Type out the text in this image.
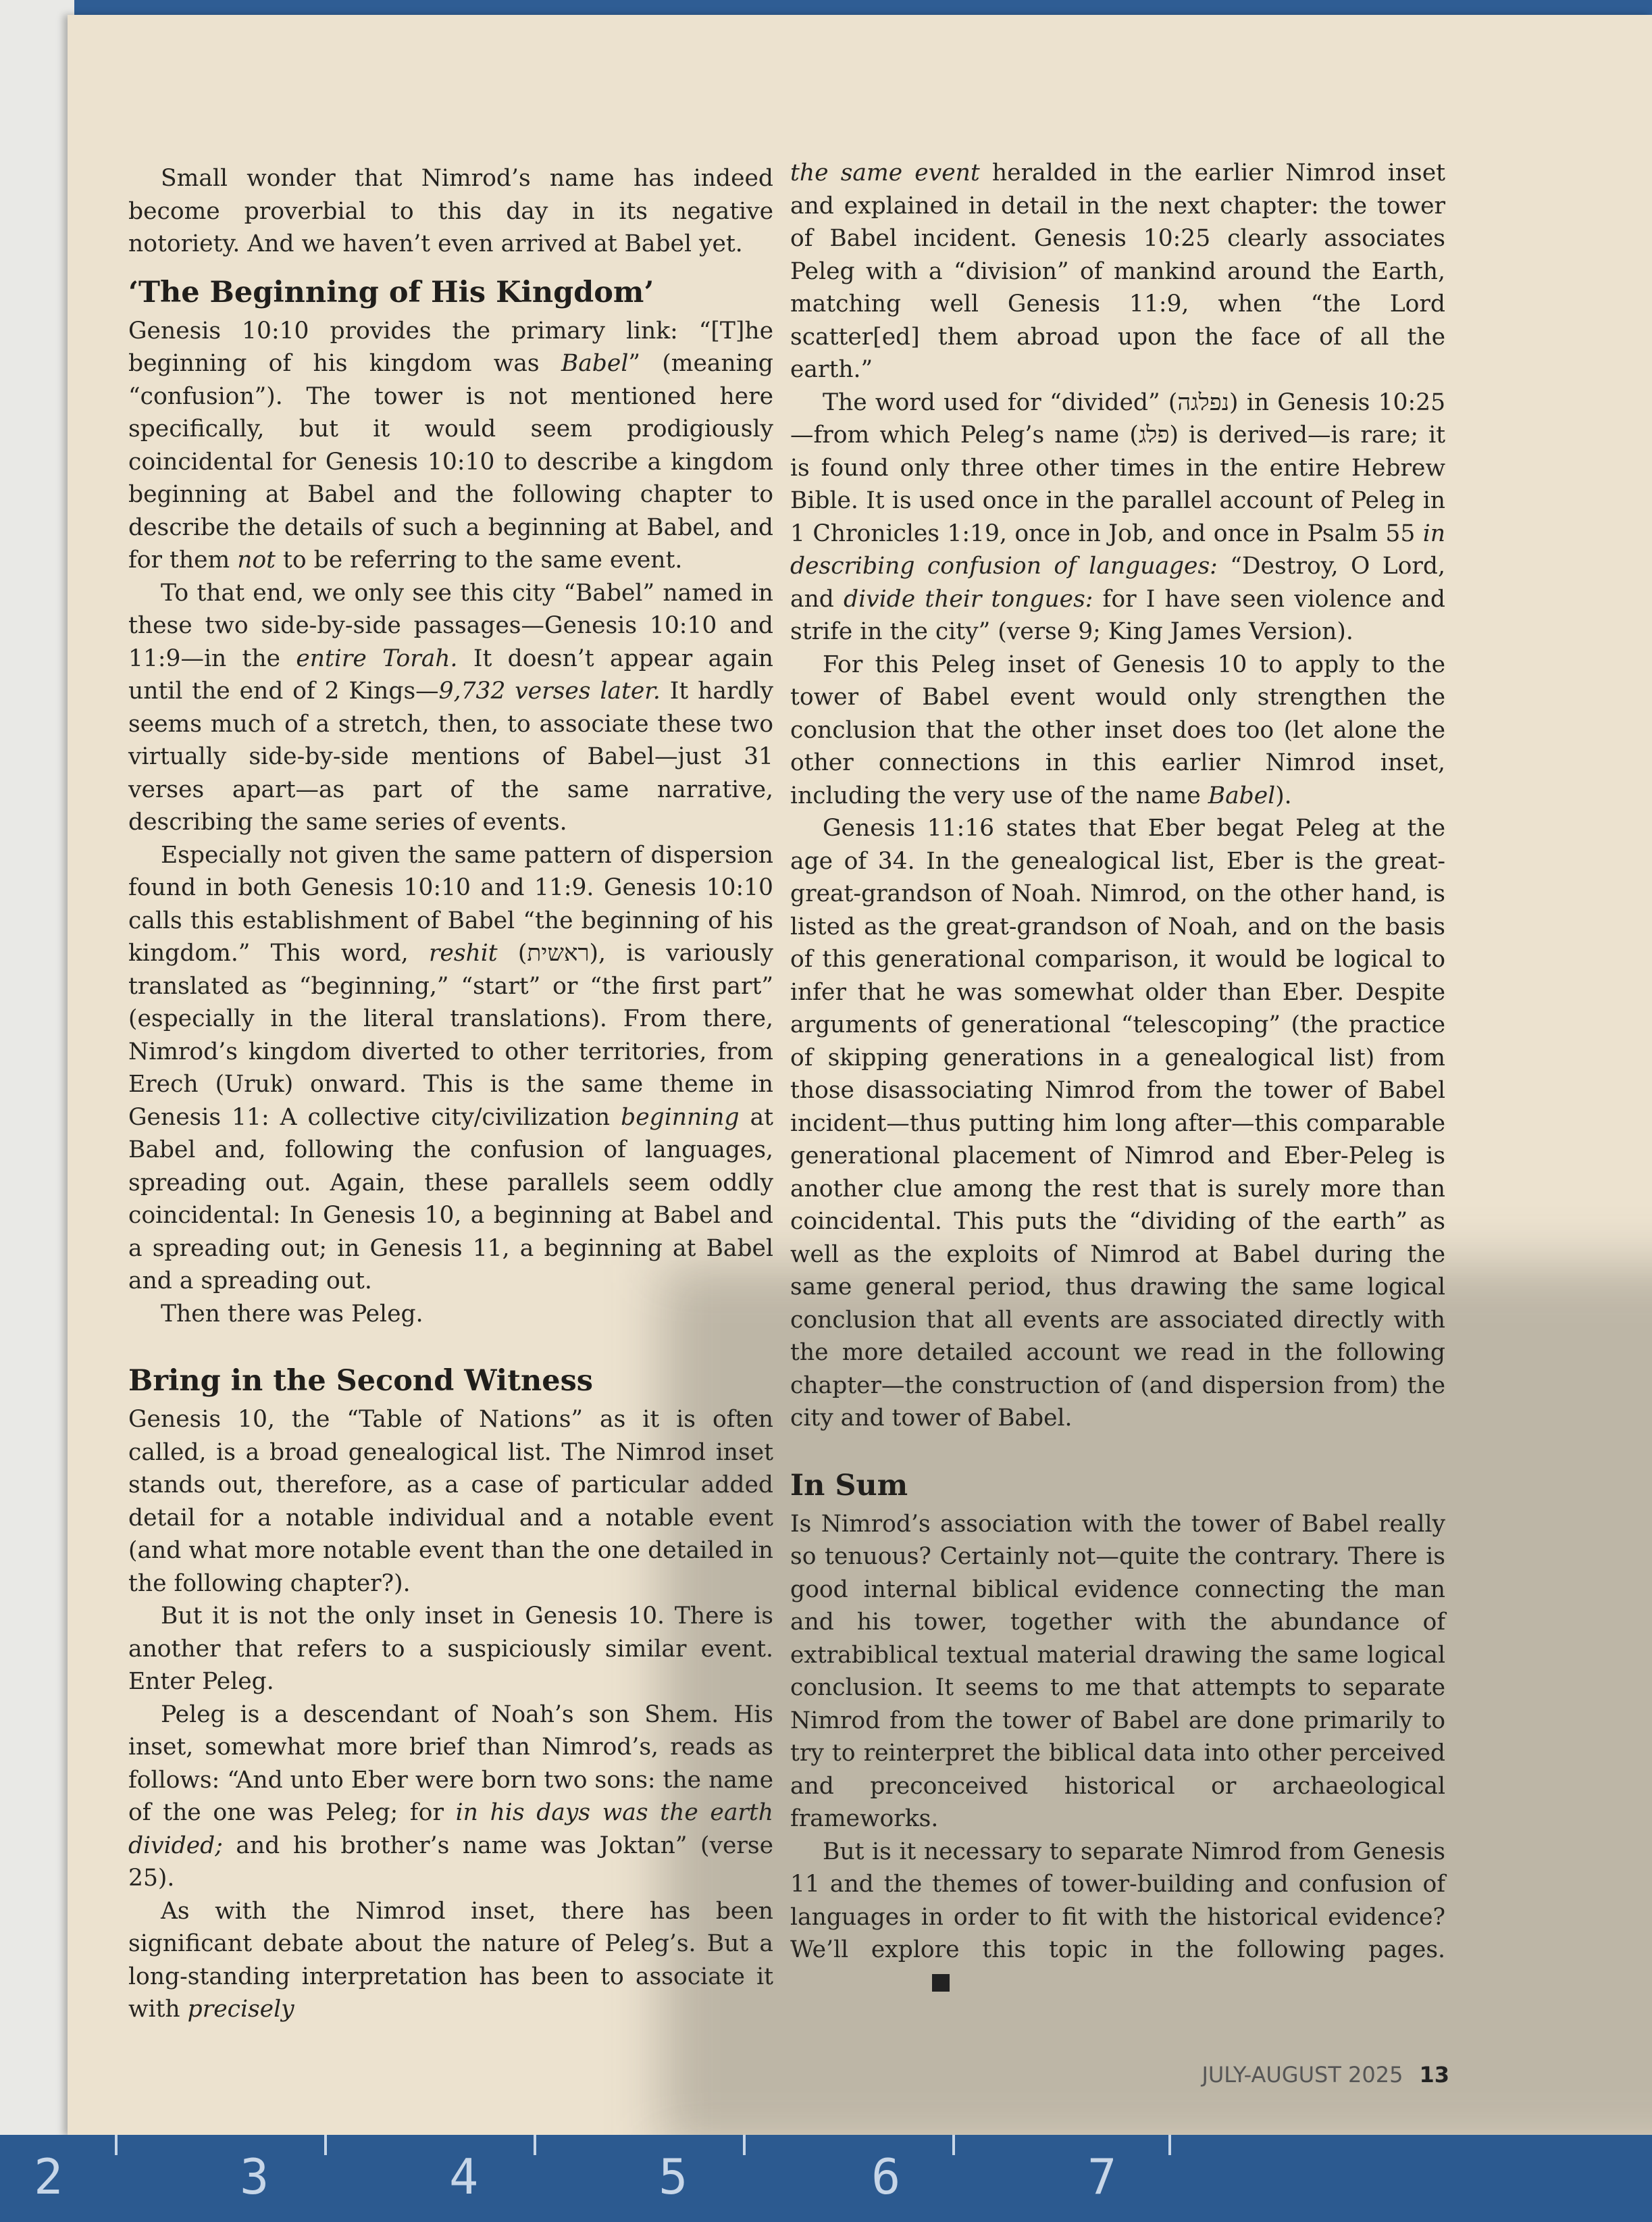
Small wonder that Nimrod’s name has indeed become proverbial to this day in its negative notoriety. And we haven’t even arrived at Babel yet.

‘The Beginning of His Kingdom’

Genesis 10:10 provides the primary link: “[T]he beginning of his kingdom was Babel” (meaning “confusion”). The tower is not mentioned here specifically, but it would seem prodigiously coincidental for Genesis 10:10 to describe a kingdom beginning at Babel and the following chapter to describe the details of such a beginning at Babel, and for them not to be referring to the same event.

To that end, we only see this city “Babel” named in these two side-by-side passages—Genesis 10:10 and 11:9—in the entire Torah. It doesn’t appear again until the end of 2 Kings—9,732 verses later. It hardly seems much of a stretch, then, to associate these two virtually side-by-side mentions of Babel—just 31 verses apart—as part of the same narrative, describing the same series of events.

Especially not given the same pattern of dispersion found in both Genesis 10:10 and 11:9. Genesis 10:10 calls this establishment of Babel “the beginning of his kingdom.” This word, reshit (ראשית), is variously translated as “beginning,” “start” or “the first part” (especially in the literal translations). From there, Nimrod’s kingdom diverted to other territories, from Erech (Uruk) onward. This is the same theme in Genesis 11: A collective city/civilization beginning at Babel and, following the confusion of languages, spreading out. Again, these parallels seem oddly coincidental: In Genesis 10, a beginning at Babel and a spreading out; in Genesis 11, a beginning at Babel and a spreading out.

Then there was Peleg.

Bring in the Second Witness

Genesis 10, the “Table of Nations” as it is often called, is a broad genealogical list. The Nimrod inset stands out, therefore, as a case of particular added detail for a notable individual and a notable event (and what more notable event than the one detailed in the following chapter?).

But it is not the only inset in Genesis 10. There is another that refers to a suspiciously similar event. Enter Peleg.

Peleg is a descendant of Noah’s son Shem. His inset, somewhat more brief than Nimrod’s, reads as follows: “And unto Eber were born two sons: the name of the one was Peleg; for in his days was the earth divided; and his brother’s name was Joktan” (verse 25).

As with the Nimrod inset, there has been significant debate about the nature of Peleg’s. But a long-standing interpretation has been to associate it with precisely

the same event heralded in the earlier Nimrod inset and explained in detail in the next chapter: the tower of Babel incident. Genesis 10:25 clearly associates Peleg with a “division” of mankind around the Earth, matching well Genesis 11:9, when “the Lord scatter[ed] them abroad upon the face of all the earth.”

The word used for “divided” (נפלגה) in Genesis 10:25—from which Peleg’s name (פלג) is derived—is rare; it is found only three other times in the entire Hebrew Bible. It is used once in the parallel account of Peleg in 1 Chronicles 1:19, once in Job, and once in Psalm 55 in describing confusion of languages: “Destroy, O Lord, and divide their tongues: for I have seen violence and strife in the city” (verse 9; King James Version).

For this Peleg inset of Genesis 10 to apply to the tower of Babel event would only strengthen the conclusion that the other inset does too (let alone the other connections in this earlier Nimrod inset, including the very use of the name Babel).

Genesis 11:16 states that Eber begat Peleg at the age of 34. In the genealogical list, Eber is the great-great-grandson of Noah. Nimrod, on the other hand, is listed as the great-grandson of Noah, and on the basis of this generational comparison, it would be logical to infer that he was somewhat older than Eber. Despite arguments of generational “telescoping” (the practice of skipping generations in a genealogical list) from those disassociating Nimrod from the tower of Babel incident—thus putting him long after—this comparable generational placement of Nimrod and Eber-Peleg is another clue among the rest that is surely more than coincidental. This puts the “dividing of the earth” as well as the exploits of Nimrod at Babel during the same general period, thus drawing the same logical conclusion that all events are associated directly with the more detailed account we read in the following chapter—the construction of (and dispersion from) the city and tower of Babel.

In Sum

Is Nimrod’s association with the tower of Babel really so tenuous? Certainly not—quite the contrary. There is good internal biblical evidence connecting the man and his tower, together with the abundance of extrabiblical textual material drawing the same logical conclusion. It seems to me that attempts to separate Nimrod from the tower of Babel are done primarily to try to reinterpret the biblical data into other perceived and preconceived historical or archaeological frameworks.

But is it necessary to separate Nimrod from Genesis 11 and the themes of tower-building and confusion of languages in order to fit with the historical evidence? We’ll explore this topic in the following pages.

JULY-AUGUST 2025 13
2	3	4	5	6	7
